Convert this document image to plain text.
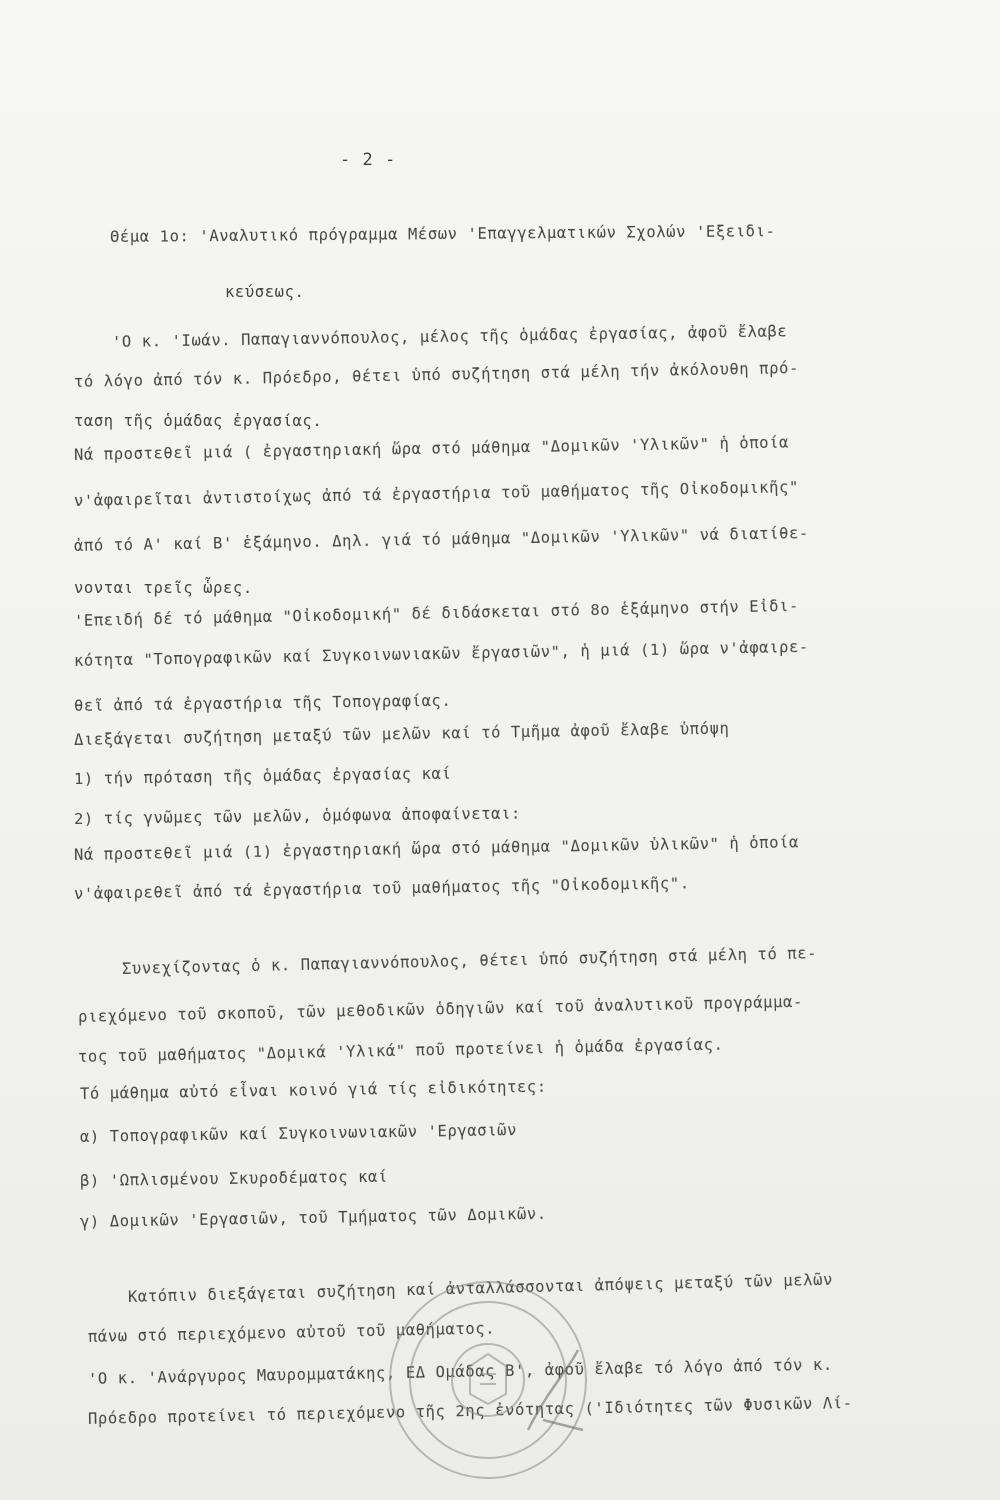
- 2 -
Θέμα 1ο: 'Αναλυτικό πρόγραμμα Μέσων 'Επαγγελματικών Σχολών 'Εξειδι-
κεύσεως.
'Ο κ. 'Ιωάν. Παπαγιαννόπουλος, μέλος τῆς ὁμάδας ἐργασίας, ἀφοῦ ἔλαβε
τό λόγο ἀπό τόν κ. Πρόεδρο, θέτει ὑπό συζήτηση στά μέλη τήν ἀκόλουθη πρό-
ταση τῆς ὁμάδας ἐργασίας.
Νά προστεθεῖ μιά ( ἐργαστηριακή ὥρα στό μάθημα "Δομικῶν 'Υλικῶν" ἡ ὁποία
ν'ἀφαιρεῖται ἀντιστοίχως ἀπό τά ἐργαστήρια τοῦ μαθήματος τῆς Οἰκοδομικῆς"
ἀπό τό Α' καί Β' ἑξάμηνο. Δηλ. γιά τό μάθημα "Δομικῶν 'Υλικῶν" νά διατίθε-
νονται τρεῖς ὧρες.
'Επειδή δέ τό μάθημα "Οἰκοδομική" δέ διδάσκεται στό 8ο ἑξάμηνο στήν Εἰδι-
κότητα "Τοπογραφικῶν καί Συγκοινωνιακῶν ἔργασιῶν", ἡ μιά (1) ὥρα ν'ἀφαιρε-
θεῖ ἀπό τά ἐργαστήρια τῆς Τοπογραφίας.
Διεξάγεται συζήτηση μεταξύ τῶν μελῶν καί τό Τμῆμα ἀφοῦ ἔλαβε ὑπόψη
1) τήν πρόταση τῆς ὁμάδας ἐργασίας καί
2) τίς γνῶμες τῶν μελῶν, ὁμόφωνα ἀποφαίνεται:
Νά προστεθεῖ μιά (1) ἐργαστηριακή ὥρα στό μάθημα "Δομικῶν ὑλικῶν" ἡ ὁποία
ν'ἀφαιρεθεῖ ἀπό τά ἐργαστήρια τοῦ μαθήματος τῆς "Οἰκοδομικῆς".
Συνεχίζοντας ὁ κ. Παπαγιαννόπουλος, θέτει ὑπό συζήτηση στά μέλη τό πε-
ριεχόμενο τοῦ σκοποῦ, τῶν μεθοδικῶν ὁδηγιῶν καί τοῦ ἀναλυτικοῦ προγράμμα-
τος τοῦ μαθήματος "Δομικά 'Υλικά" ποῦ προτείνει ἡ ὁμάδα ἐργασίας.
Τό μάθημα αὐτό εἶναι κοινό γιά τίς εἰδικότητες:
α) Τοπογραφικῶν καί Συγκοινωνιακῶν 'Εργασιῶν
β) 'Ωπλισμένου Σκυροδέματος καί
γ) Δομικῶν 'Εργασιῶν, τοῦ Τμήματος τῶν Δομικῶν.
Κατόπιν διεξάγεται συζήτηση καί ἀνταλλάσσονται ἀπόψεις μεταξύ τῶν μελῶν
πάνω στό περιεχόμενο αὐτοῦ τοῦ μαθήματος.
'Ο κ. 'Ανάργυρος Μαυρομματάκης, ΕΔ Ομάδας Β', ἀφοῦ ἔλαβε τό λόγο ἀπό τόν κ.
Πρόεδρο προτείνει τό περιεχόμενο τῆς 2ης ἐνότητας ('Ιδιότητες τῶν Φυσικῶν Λί-
